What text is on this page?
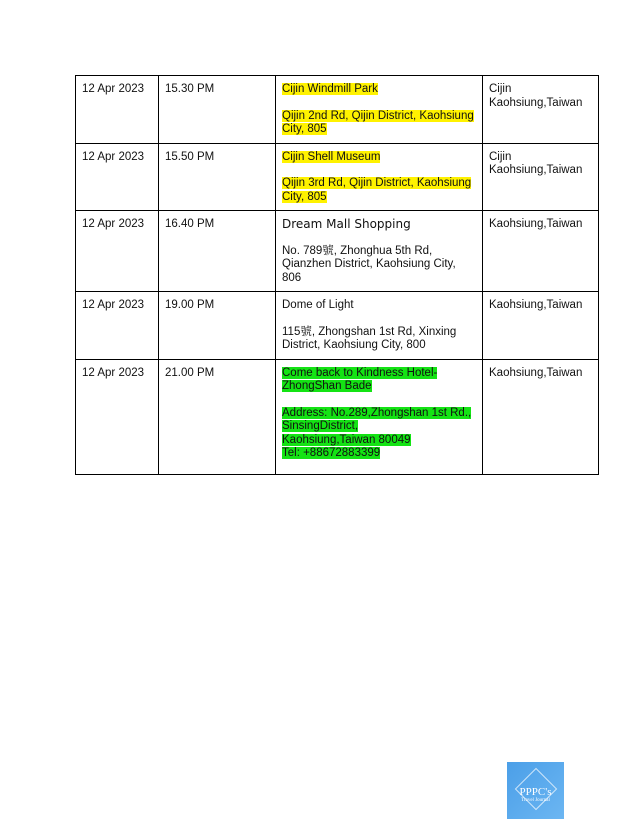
12 Apr 2023	15.30 PM	Cijin Windmill Park
Qijin 2nd Rd, Qijin District, Kaohsiung City, 805	Cijin
Kaohsiung,Taiwan
12 Apr 2023	15.50 PM	Cijin Shell Museum
Qijin 3rd Rd, Qijin District, Kaohsiung City, 805	Cijin
Kaohsiung,Taiwan
12 Apr 2023	16.40 PM	Dream Mall Shopping
No. 789號, Zhonghua 5th Rd, Qianzhen District, Kaohsiung City, 806	Kaohsiung,Taiwan
12 Apr 2023	19.00 PM	Dome of Light
115號, Zhongshan 1st Rd, Xinxing District, Kaohsiung City, 800	Kaohsiung,Taiwan
12 Apr 2023	21.00 PM	Come back to Kindness Hotel-ZhongShan Bade
Address: No.289,Zhongshan 1st Rd., SinsingDistrict,
Kaohsiung,Taiwan 80049
Tel: +88672883399	Kaohsiung,Taiwan
PPPC's
Travel Journal
